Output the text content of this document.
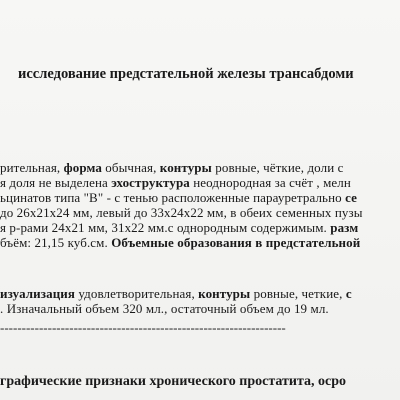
исследование предстательной железы трансабдоми
рительная, форма обычная, контуры ровные, чёткие, доли с
я доля не выделена эхоструктура неоднородная за счёт , мелн
ьцинатов типа "В" - с тенью расположенные парауретрально се
до 26x21x24 мм, левый до 33x24x22 мм, в обеих семенных пузы
я р-рами 24x21 мм, 31x22 мм.с однородным содержимым. разм
бъём: 21,15 куб.см. Объемные образования в предстательной
изуализация удовлетворительная, контуры ровные, четкие, с
. Изначальный объем 320 мл., остаточный объем до 19 мл.
------------------------------------------------------------------
графические признаки хронического простатита, осро
